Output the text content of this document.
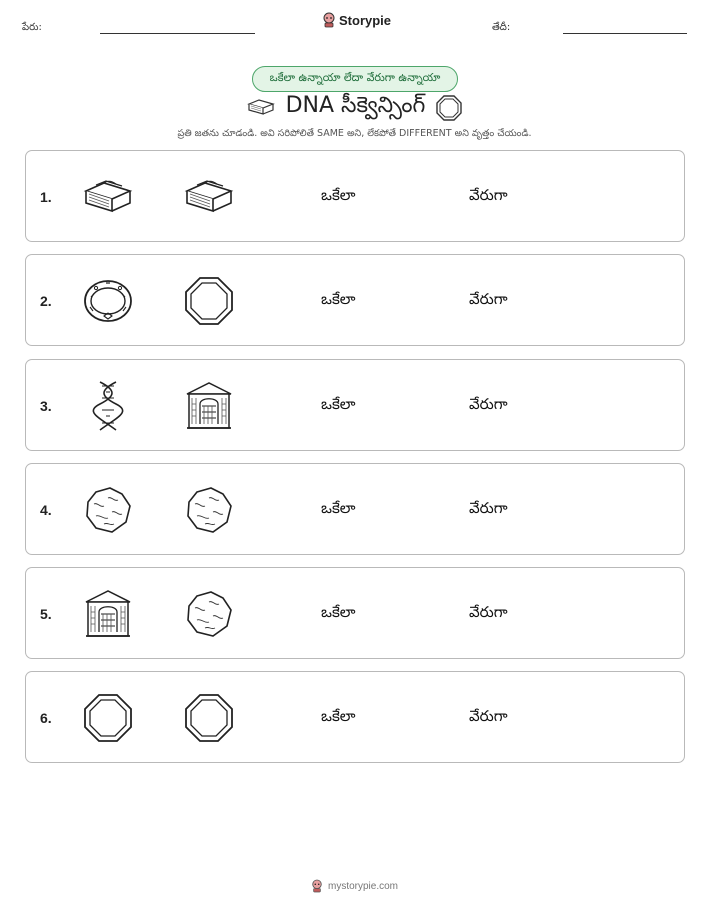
పేరు:	Storypie	తేదీ:
ఒకేలా ఉన్నాయా లేదా వేరుగా ఉన్నాయా
DNA సీక్వెన్సింగ్
ప్రతి జతను చూడండి. అవి సరిపోలితే SAME అని, లేకపోతే DIFFERENT అని వృత్తం చేయండి.
1.	ఒకేలా	వేరుగా
2.	ఒకేలా	వేరుగా
3.	ఒకేలా	వేరుగా
4.	ఒకేలా	వేరుగా
5.	ఒకేలా	వేరుగా
6.	ఒకేలా	వేరుగా
mystorypie.com
